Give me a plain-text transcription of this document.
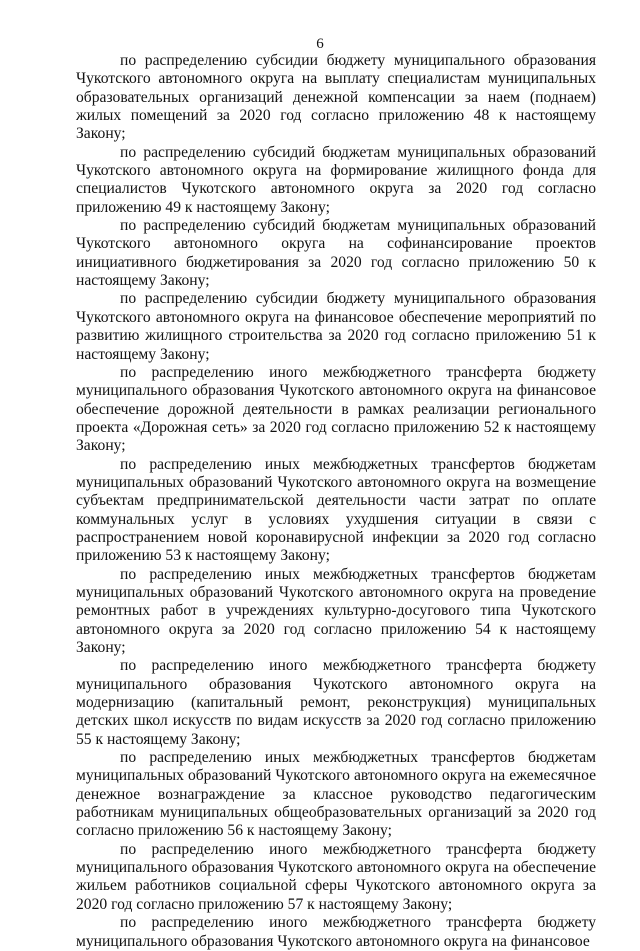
6

по распределению субсидии бюджету муниципального образования Чукотского автономного округа на выплату специалистам муниципальных образовательных организаций денежной компенсации за наем (поднаем) жилых помещений за 2020 год согласно приложению 48 к настоящему Закону;

по распределению субсидий бюджетам муниципальных образований Чукотского автономного округа на формирование жилищного фонда для специалистов Чукотского автономного округа за 2020 год согласно приложению 49 к настоящему Закону;

по распределению субсидий бюджетам муниципальных образований Чукотского автономного округа на софинансирование проектов инициативного бюджетирования за 2020 год согласно приложению 50 к настоящему Закону;

по распределению субсидии бюджету муниципального образования Чукотского автономного округа на финансовое обеспечение мероприятий по развитию жилищного строительства за 2020 год согласно приложению 51 к настоящему Закону;

по распределению иного межбюджетного трансферта бюджету муниципального образования Чукотского автономного округа на финансовое обеспечение дорожной деятельности в рамках реализации регионального проекта «Дорожная сеть» за 2020 год согласно приложению 52 к настоящему Закону;

по распределению иных межбюджетных трансфертов бюджетам муниципальных образований Чукотского автономного округа на возмещение субъектам предпринимательской деятельности части затрат по оплате коммунальных услуг в условиях ухудшения ситуации в связи с распространением новой коронавирусной инфекции за 2020 год согласно приложению 53 к настоящему Закону;

по распределению иных межбюджетных трансфертов бюджетам муниципальных образований Чукотского автономного округа на проведение ремонтных работ в учреждениях культурно-досугового типа Чукотского автономного округа за 2020 год согласно приложению 54 к настоящему Закону;

по распределению иного межбюджетного трансферта бюджету муниципального образования Чукотского автономного округа на модернизацию (капитальный ремонт, реконструкция) муниципальных детских школ искусств по видам искусств за 2020 год согласно приложению 55 к настоящему Закону;

по распределению иных межбюджетных трансфертов бюджетам муниципальных образований Чукотского автономного округа на ежемесячное денежное вознаграждение за классное руководство педагогическим работникам муниципальных общеобразовательных организаций за 2020 год согласно приложению 56 к настоящему Закону;

по распределению иного межбюджетного трансферта бюджету муниципального образования Чукотского автономного округа на обеспечение жильем работников социальной сферы Чукотского автономного округа за 2020 год согласно приложению 57 к настоящему Закону;

по распределению иного межбюджетного трансферта бюджету муниципального образования Чукотского автономного округа на финансовое
